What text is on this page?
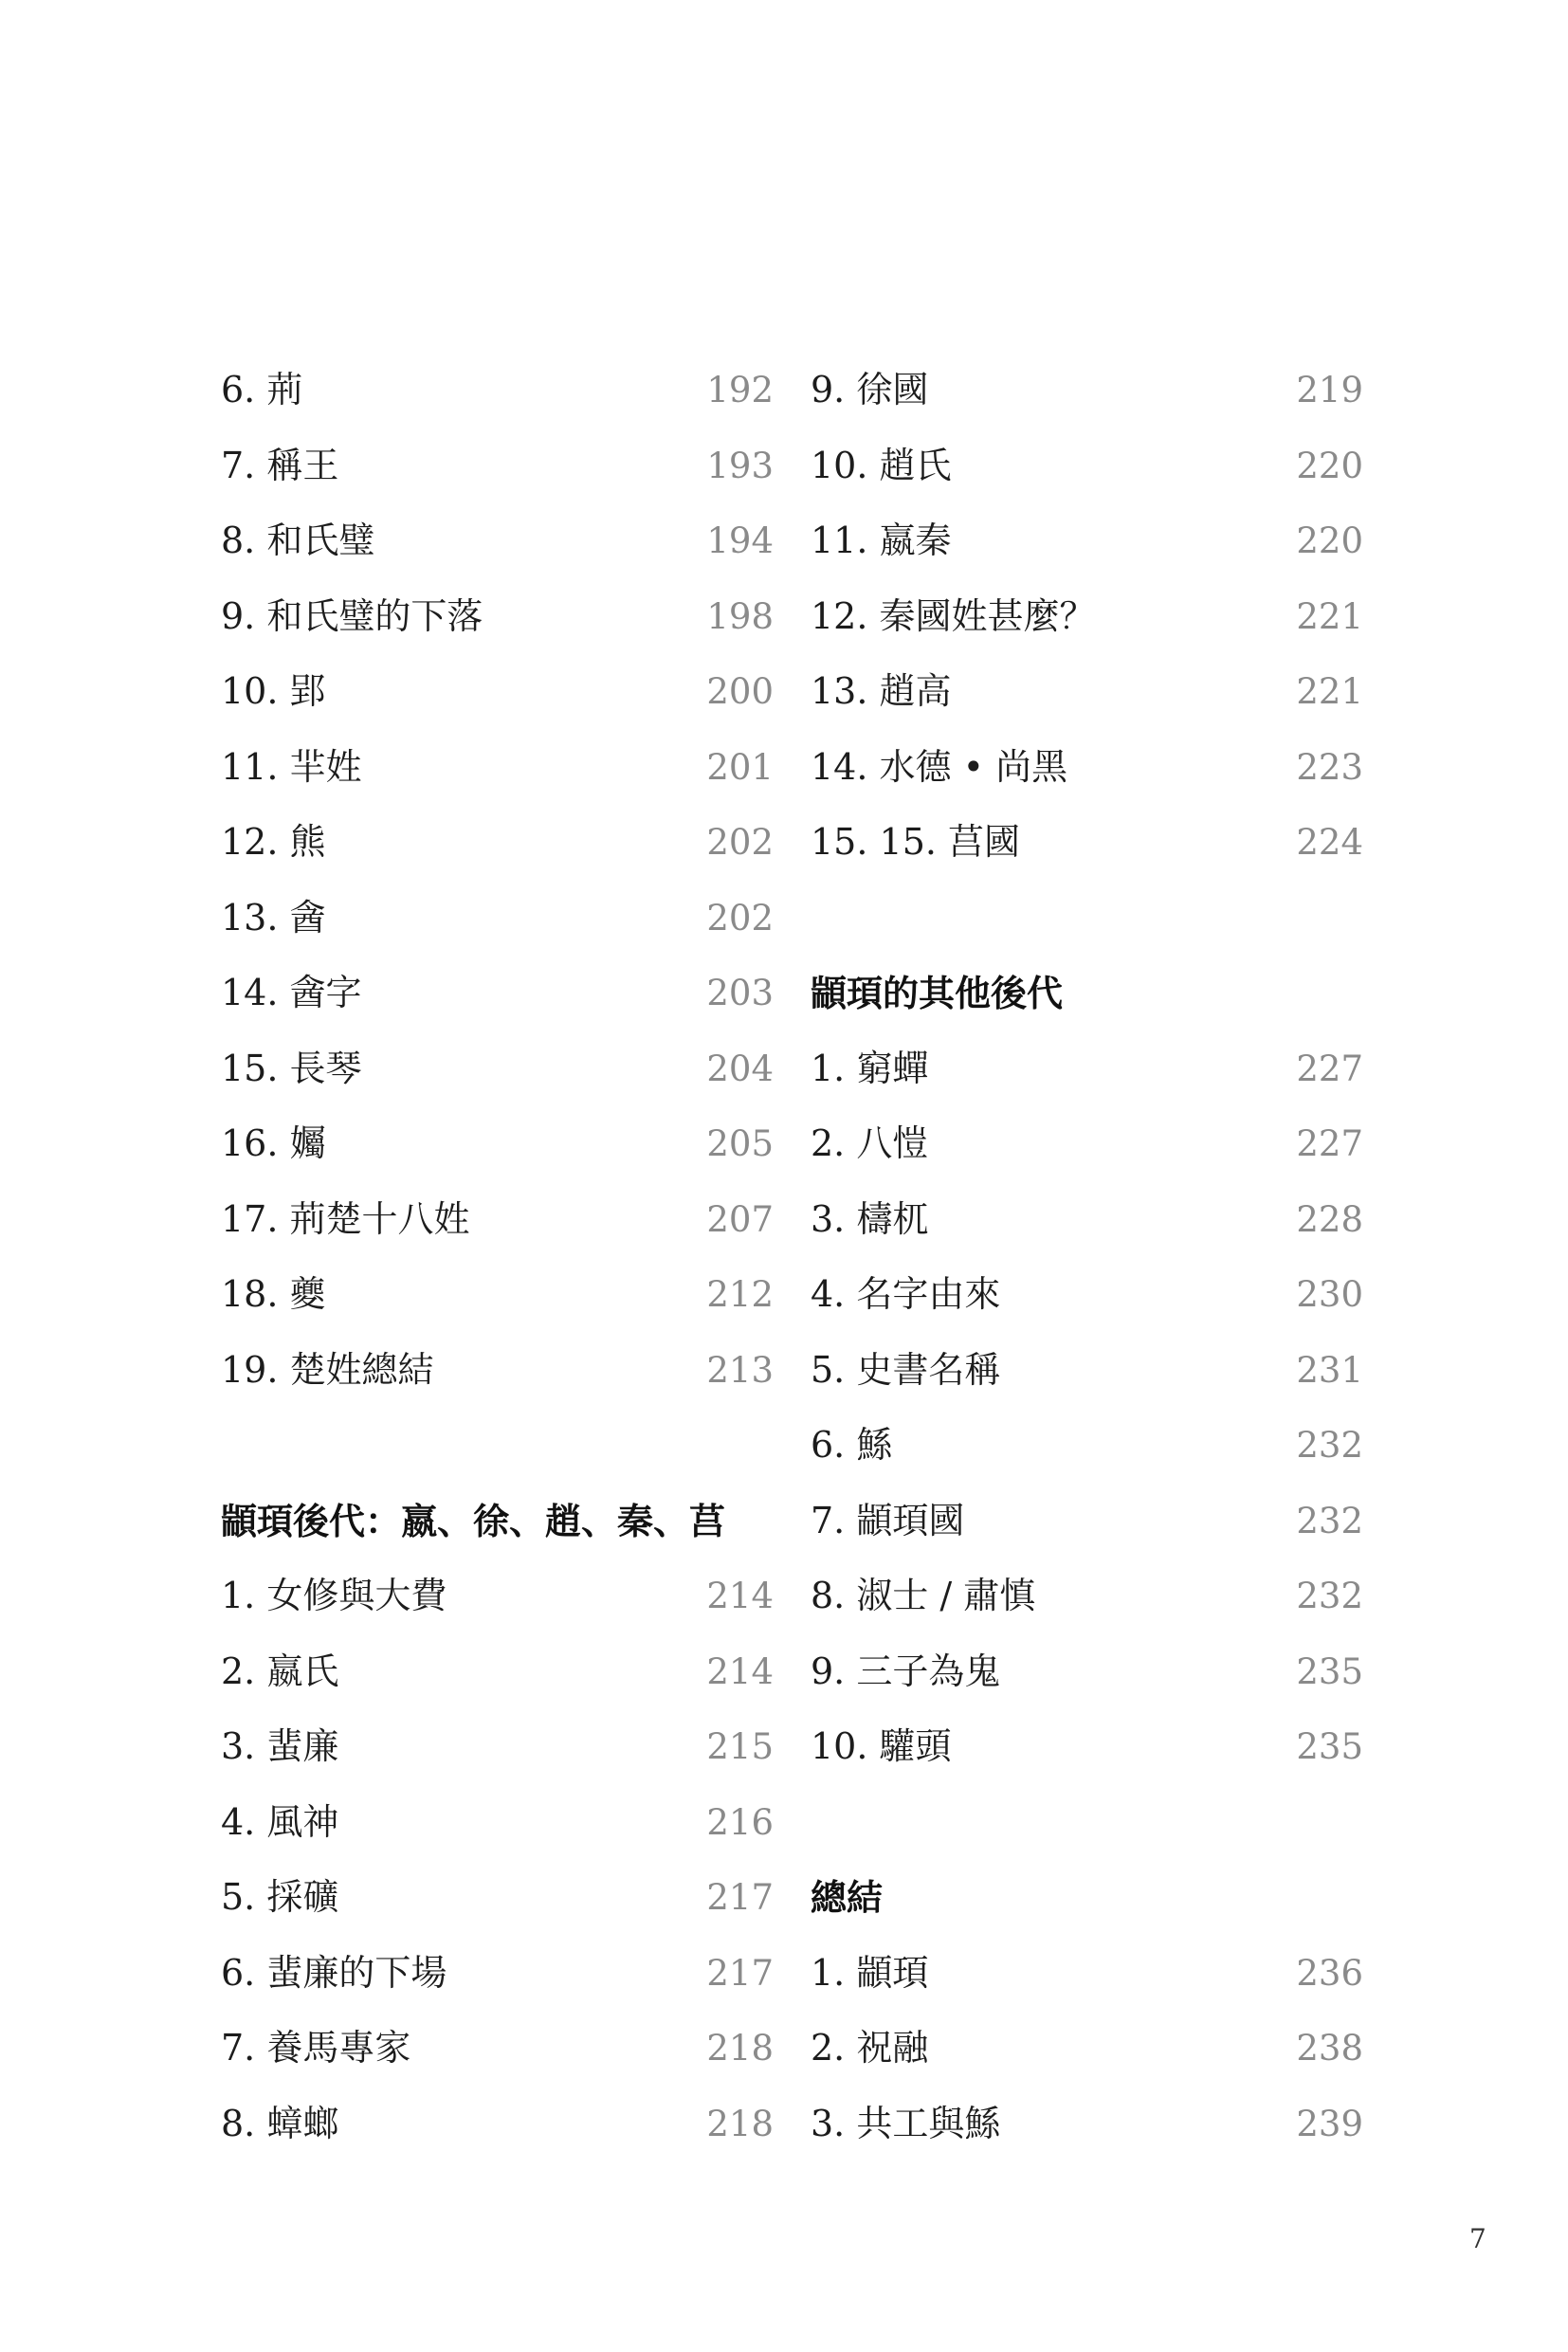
6. 荊	192
7. 稱王	193
8. 和氏璧	194
9. 和氏璧的下落	198
10. 郢	200
11. 羋姓	201
12. 熊	202
13. 酓	202
14. 酓字	203
15. 長琴	204
16. 孎	205
17. 荊楚十八姓	207
18. 夔	212
19. 楚姓總結	213
顓頊後代：嬴、徐、趙、秦、莒
1. 女修與大費	214
2. 嬴氏	214
3. 蜚廉	215
4. 風神	216
5. 採礦	217
6. 蜚廉的下場	217
7. 養馬專家	218
8. 蟑螂	218
9. 徐國	219
10. 趙氏	220
11. 嬴秦	220
12. 秦國姓甚麼？	221
13. 趙高	221
14. 水德 • 尚黑	223
15. 15. 莒國	224
顓頊的其他後代
1. 窮蟬	227
2. 八愷	227
3. 檮杌	228
4. 名字由來	230
5. 史書名稱	231
6. 鯀	232
7. 顓頊國	232
8. 淑士 / 肅慎	232
9. 三子為鬼	235
10. 驩頭	235
總結
1. 顓頊	236
2. 祝融	238
3. 共工與鯀	239
7
